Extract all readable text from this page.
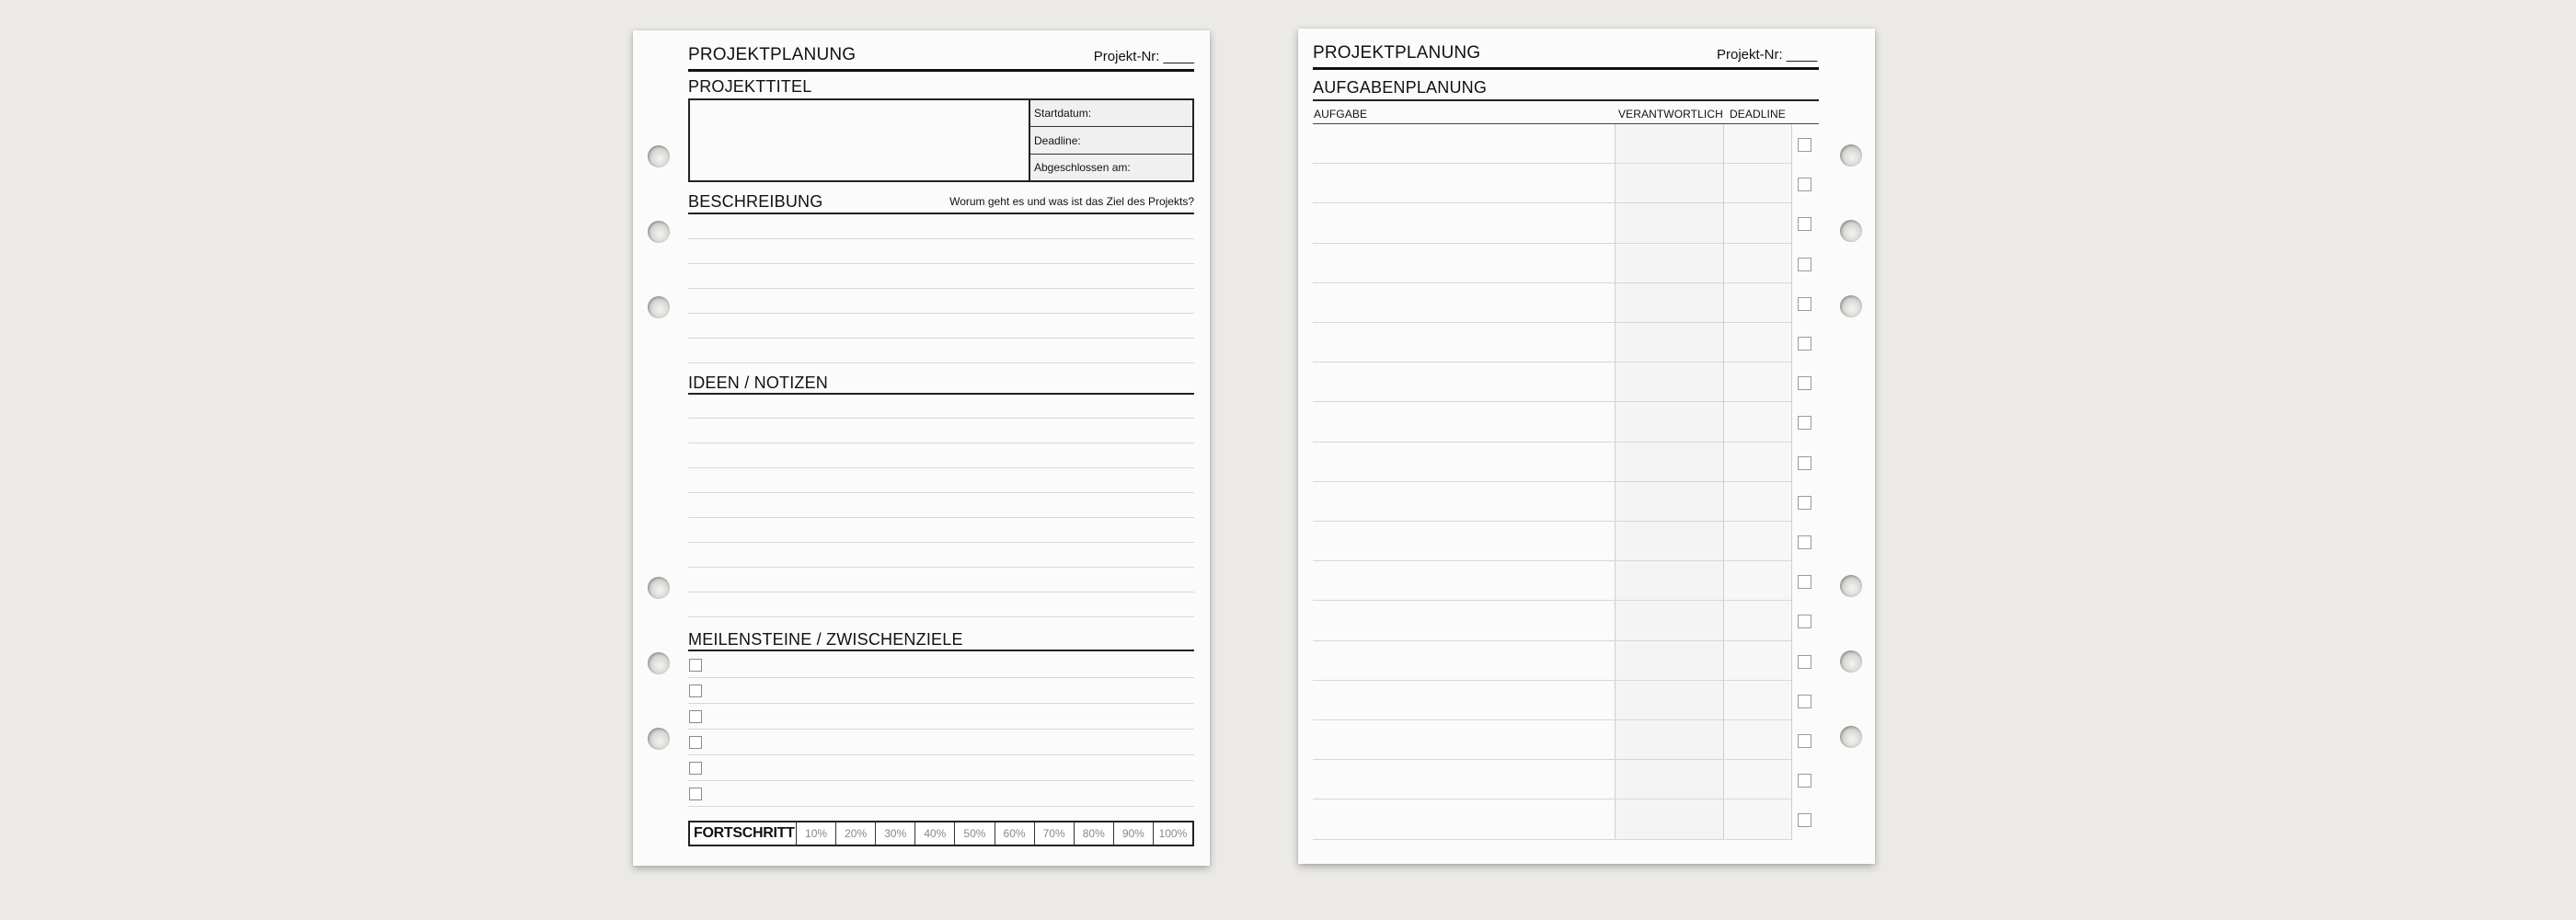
PROJEKTPLANUNG	Projekt-Nr: ____
PROJEKTTITEL
Startdatum:
Deadline:
Abgeschlossen am:
BESCHREIBUNG	Worum geht es und was ist das Ziel des Projekts?
IDEEN / NOTIZEN
MEILENSTEINE / ZWISCHENZIELE
FORTSCHRITT 10%	20%	30%	40%	50%	60%	70%	80%	90%	100%
PROJEKTPLANUNG	Projekt-Nr: ____
AUFGABENPLANUNG
AUFGABE	VERANTWORTLICH DEADLINE
